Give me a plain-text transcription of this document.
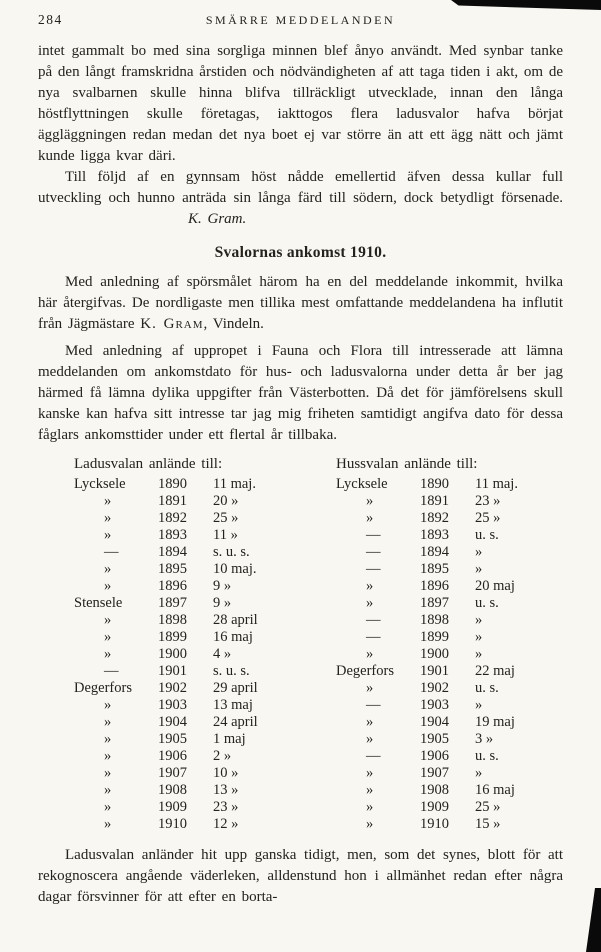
284	SMÄRRE MEDDELANDEN

intet gammalt bo med sina sorgliga minnen blef ånyo användt. Med synbar tanke på den långt framskridna årstiden och nödvändigheten af att taga tiden i akt, om de nya svalbarnen skulle hinna blifva tillräckligt utvecklade, innan den långa höstflyttningen skulle företagas, iakttogos flera ladusvalor hafva börjat äggläggningen redan medan det nya boet ej var större än att ett ägg nätt och jämt kunde ligga kvar däri.

Till följd af en gynnsam höst nådde emellertid äfven dessa kullar full utveckling och hunno anträda sin långa färd till södern, dock betydligt försenade.K. Gram.

Svalornas ankomst 1910.

Med anledning af spörsmålet härom ha en del meddelande inkommit, hvilka här återgifvas. De nordligaste men tillika mest omfattande meddelandena ha influtit från Jägmästare K. Gram, Vindeln.

Med anledning af uppropet i Fauna och Flora till intresserade att lämna meddelanden om ankomstdato för hus- och ladusvalorna under detta år ber jag härmed få lämna dylika uppgifter från Västerbotten. Då det för jämförelsens skull kanske kan hafva sitt intresse tar jag mig friheten samtidigt angifva dato för dessa fåglars ankomsttider under ett flertal år tillbaka.

Ladusvalan anlände till:
Lycksele	1890	11 maj.
»	1891	20 »
»	1892	25 »
»	1893	11 »
—	1894	s. u. s.
»	1895	10 maj.
»	1896	9 »
Stensele	1897	9 »
»	1898	28 april
»	1899	16 maj
»	1900	4 »
—	1901	s. u. s.
Degerfors	1902	29 april
»	1903	13 maj
»	1904	24 april
»	1905	1 maj
»	1906	2 »
»	1907	10 »
»	1908	13 »
»	1909	23 »
»	1910	12 »
Hussvalan anlände till:
Lycksele	1890	11 maj.
»	1891	23 »
»	1892	25 »
—	1893	u. s.
—	1894	»
—	1895	»
»	1896	20 maj
»	1897	u. s.
—	1898	»
—	1899	»
»	1900	»
Degerfors	1901	22 maj
»	1902	u. s.
—	1903	»
»	1904	19 maj
»	1905	3 »
—	1906	u. s.
»	1907	»
»	1908	16 maj
»	1909	25 »
»	1910	15 »

Ladusvalan anländer hit upp ganska tidigt, men, som det synes, blott för att rekognoscera angående väderleken, alldenstund hon i allmänhet redan efter några dagar försvinner för att efter en borta-
